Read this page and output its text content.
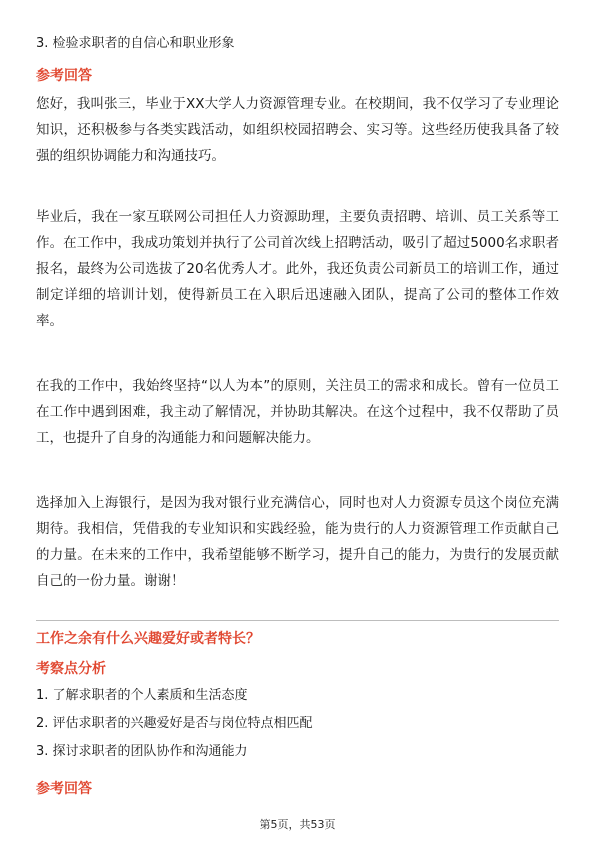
3. 检验求职者的自信心和职业形象

参考回答

您好，我叫张三，毕业于XX大学人力资源管理专业。在校期间，我不仅学习了专业理论知识，还积极参与各类实践活动，如组织校园招聘会、实习等。这些经历使我具备了较强的组织协调能力和沟通技巧。

毕业后，我在一家互联网公司担任人力资源助理，主要负责招聘、培训、员工关系等工作。在工作中，我成功策划并执行了公司首次线上招聘活动，吸引了超过5000名求职者报名，最终为公司选拔了20名优秀人才。此外，我还负责公司新员工的培训工作，通过制定详细的培训计划，使得新员工在入职后迅速融入团队，提高了公司的整体工作效率。

在我的工作中，我始终坚持“以人为本”的原则，关注员工的需求和成长。曾有一位员工在工作中遇到困难，我主动了解情况，并协助其解决。在这个过程中，我不仅帮助了员工，也提升了自身的沟通能力和问题解决能力。

选择加入上海银行，是因为我对银行业充满信心，同时也对人力资源专员这个岗位充满期待。我相信，凭借我的专业知识和实践经验，能为贵行的人力资源管理工作贡献自己的力量。在未来的工作中，我希望能够不断学习，提升自己的能力，为贵行的发展贡献自己的一份力量。谢谢！

工作之余有什么兴趣爱好或者特长？

考察点分析

1. 了解求职者的个人素质和生活态度

2. 评估求职者的兴趣爱好是否与岗位特点相匹配

3. 探讨求职者的团队协作和沟通能力

参考回答

第5页，共53页
